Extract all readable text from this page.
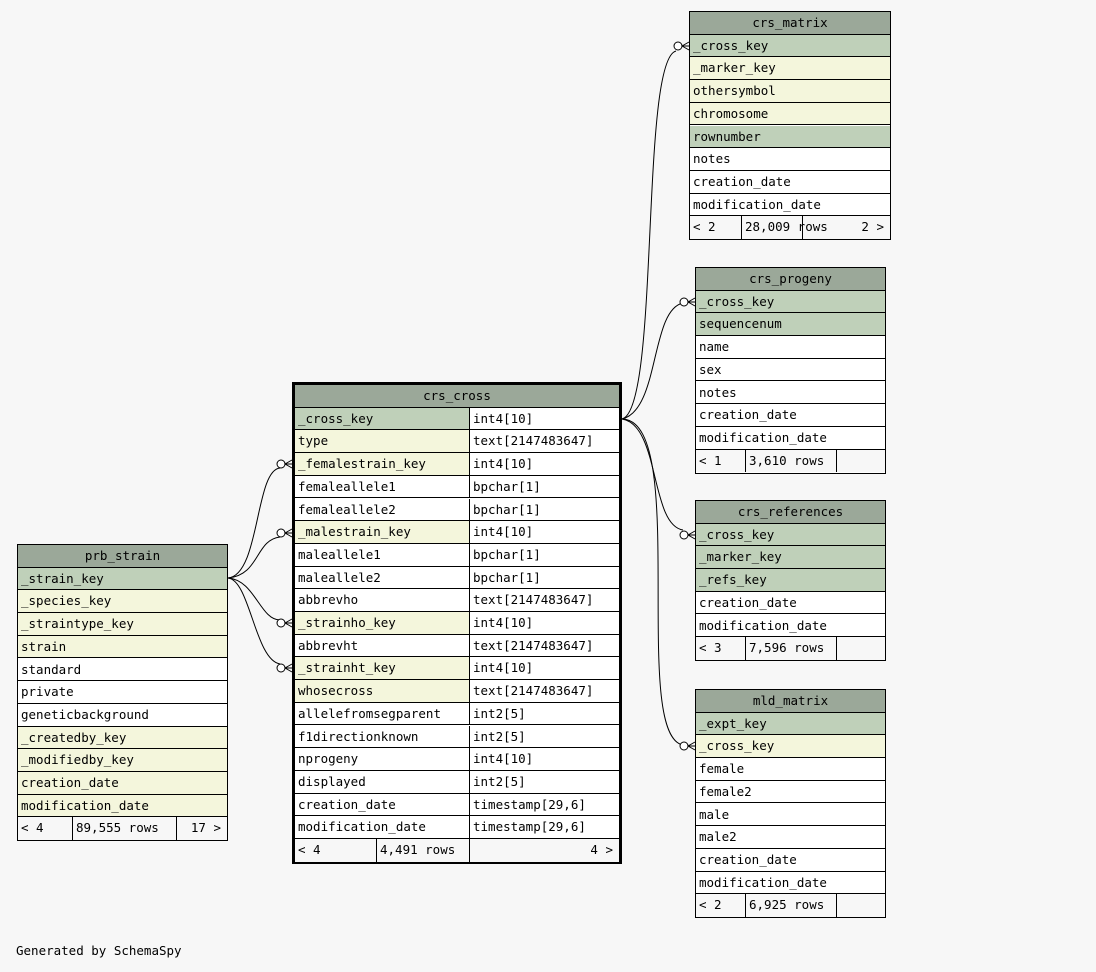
crs_matrix
_cross_key
_marker_key
othersymbol
chromosome
rownumber
notes
creation_date
modification_date
< 2	28,009 rows	2 >
crs_progeny
_cross_key
sequencenum
name
sex
notes
creation_date
modification_date
< 1	3,610 rows
crs_references
_cross_key
_marker_key
_refs_key
creation_date
modification_date
< 3	7,596 rows
mld_matrix
_expt_key
_cross_key
female
female2
male
male2
creation_date
modification_date
< 2	6,925 rows
prb_strain
_strain_key
_species_key
_straintype_key
strain
standard
private
geneticbackground
_createdby_key
_modifiedby_key
creation_date
modification_date
< 4	89,555 rows	17 >
crs_cross
_cross_key	int4[10]
type	text[2147483647]
_femalestrain_key	int4[10]
femaleallele1	bpchar[1]
femaleallele2	bpchar[1]
_malestrain_key	int4[10]
maleallele1	bpchar[1]
maleallele2	bpchar[1]
abbrevho	text[2147483647]
_strainho_key	int4[10]
abbrevht	text[2147483647]
_strainht_key	int4[10]
whosecross	text[2147483647]
allelefromsegparent	int2[5]
f1directionknown	int2[5]
nprogeny	int4[10]
displayed	int2[5]
creation_date	timestamp[29,6]
modification_date	timestamp[29,6]
< 4	4,491 rows	4 >
Generated by SchemaSpy
